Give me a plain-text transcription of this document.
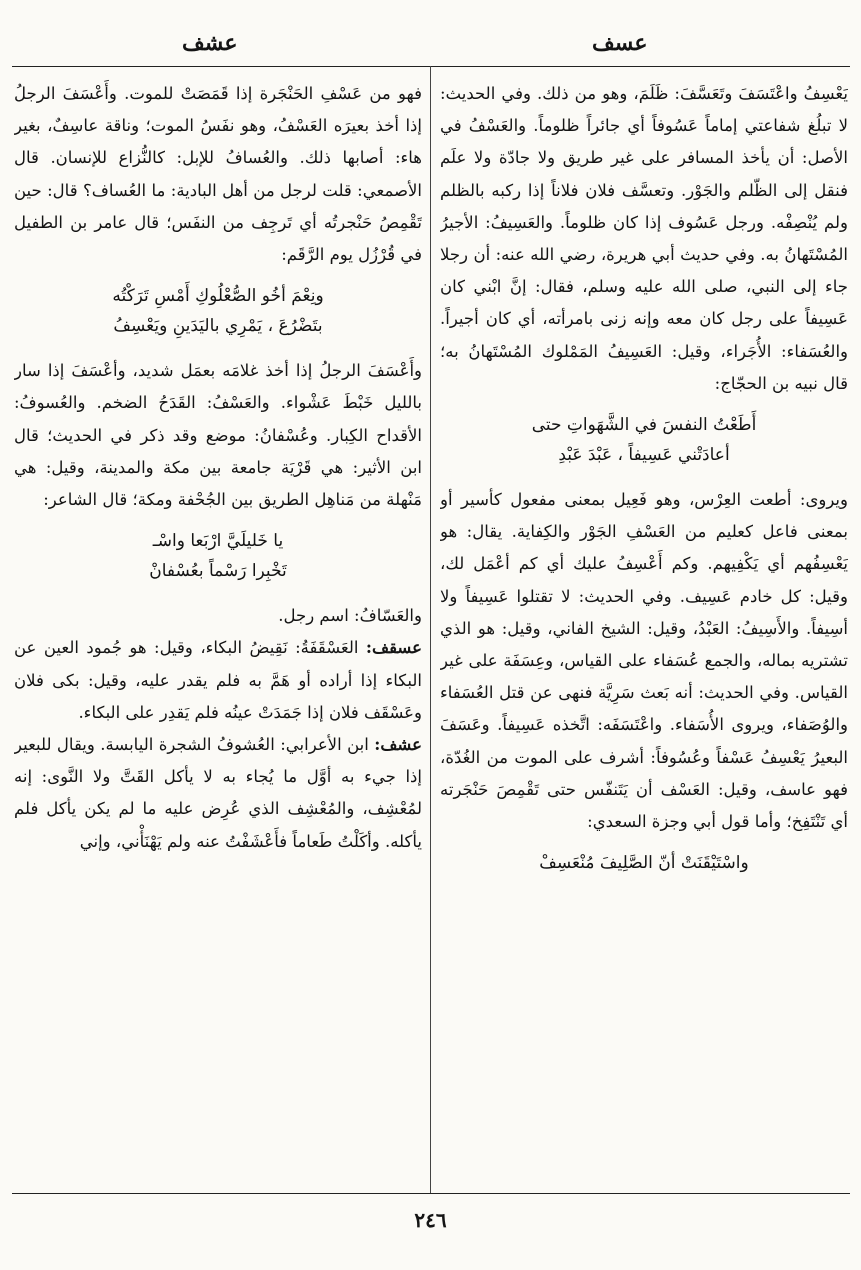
عسف
عشف

يَعْسِفُ واعْتَسَفَ وتَعَسَّفَ: ظَلَمَ، وهو من ذلك. وفي الحديث: لا تبلُغ شفاعتي إماماً عَسُوفاً أي جائراً ظلوماً. والعَسْفُ في الأصل: أن يأخذ المسافر على غير طريق ولا جادّة ولا علَم فنقل إلى الظّلم والجَوْر. وتعسَّف فلان فلاناً إذا ركبه بالظلم ولم يُنْصِفْه. ورجل عَسُوف إذا كان ظلوماً. والعَسِيفُ: الأجيرُ المُسْتَهانُ به. وفي حديث أبي هريرة، رضي الله عنه: أن رجلا جاء إلى النبي، صلى الله عليه وسلم، فقال: إنَّ ابْني كان عَسِيفاً على رجل كان معه وإنه زنى بامرأته، أي كان أجيراً. والعُسَفاء: الأُجَراء، وقيل: العَسِيفُ المَمْلوك المُسْتَهانُ به؛ قال نبيه بن الحجّاج:

أَطَعْتُ النفسَ في الشَّهَواتِ حتى
أعادَتْني عَسِيفاً ، عَبْدَ عَبْدِ

ويروى: أطعت العِرْس، وهو فَعِيل بمعنى مفعول كأسير أو بمعنى فاعل كعليم من العَسْفِ الجَوْر والكِفاية. يقال: هو يَعْسِفُهم أي يَكْفِيهم. وكم أَعْسِفُ عليك أي كم أعْمَل لك، وقيل: كل خادم عَسِيف. وفي الحديث: لا تقتلوا عَسِيفاً ولا أسِيفاً. والأَسِيفُ: العَبْدُ، وقيل: الشيخ الفاني، وقيل: هو الذي تشتريه بماله، والجمع عُسَفاء على القياس، وعِسَفَة على غير القياس. وفي الحديث: أنه بَعث سَرِيَّة فنهى عن قتل العُسَفاء والوُصَفاء، ويروى الأُسَفاء. واعْتَسَفَه: اتَّخذه عَسِيفاً. وعَسَفَ البعيرُ يَعْسِفُ عَسْفاً وعُسُوفاً: أشرف على الموت من الغُدّة، فهو عاسف، وقيل: العَسْف أن يَتَنفّس حتى تَقْمِصَ حَنْجَرته أي تَنْتَفِخ؛ وأما قول أبي وجزة السعدي:

واسْتَيْقَنَتْ أنّ الصَّلِيفَ مُنْعَسِفْ

فهو من عَسْفِ الحَنْجَرة إذا قَمَصَتْ للموت. وأَعْسَفَ الرجلُ إذا أخذ بعيرَه العَسْفُ، وهو نفَسُ الموت؛ وناقة عاسِفٌ، بغير هاء: أصابها ذلك. والعُسافُ للإبل: كالنُّزاع للإنسان. قال الأصمعي: قلت لرجل من أهل البادية: ما العُساف؟ قال: حين تَقْمِصُ حَنْجرتُه أي تَرجِف من النفَس؛ قال عامر بن الطفيل في قُرْزُل يوم الرَّقَم:

ونِعْمَ أخُو الصُّعْلُوكِ أَمْسِ تَرَكْتُه
بتَضْرُعَ ، يَمْرِي باليَدَينِ ويَعْسِفُ

وأَعْسَفَ الرجلُ إذا أخذ غلامَه بعمَل شديد، وأعْسَفَ إذا سار بالليل خَبْطَ عَشْواء. والعَسْفُ: القَدَحُ الضخم. والعُسوفُ: الأقداح الكِبار. وعُسْفانُ: موضع وقد ذكر في الحديث؛ قال ابن الأثير: هي قَرْيَة جامعة بين مكة والمدينة، وقيل: هي مَنْهلة من مَناهِل الطريق بين الجُحْفة ومكة؛ قال الشاعر:

يا خَليلَيَّ ارْبَعا واسْـ
تَخْبِرا رَسْماً بعُسْفانْ

والعَسّافُ: اسم رجل.

عسقف: العَسْقَفَةُ: نَقِيضُ البكاء، وقيل: هو جُمود العين عن البكاء إذا أراده أو هَمَّ به فلم يقدر عليه، وقيل: بكى فلان وعَسْقَف فلان إذا جَمَدَتْ عينُه فلم يَقدِر على البكاء.

عشف: ابن الأعرابي: العُشوفُ الشجرة اليابسة. ويقال للبعير إذا جيء به أوَّل ما يُجاء به لا يأكل القَتَّ ولا النَّوى: إنه لمُعْشِف، والمُعْشِف الذي عُرِض عليه ما لم يكن يأكل فلم يأكله. وأكَلْتُ طَعاماً فأَعْشَفْتُ عنه ولم يَهْنَأْني، وإني

٢٤٦
